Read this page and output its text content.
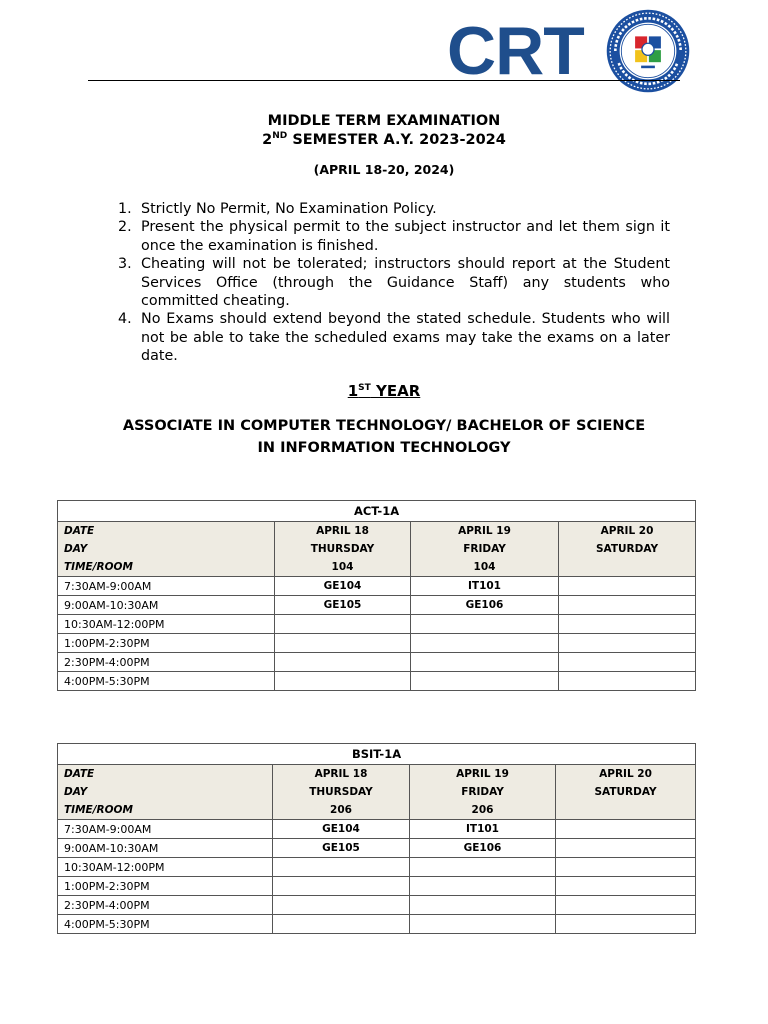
CRT
MIDDLE TERM EXAMINATION
2ND SEMESTER A.Y. 2023-2024
(APRIL 18-20, 2024)
1. Strictly No Permit, No Examination Policy.
2. Present the physical permit to the subject instructor and let them sign it once the examination is finished.
3. Cheating will not be tolerated; instructors should report at the Student Services Office (through the Guidance Staff) any students who committed cheating.
4. No Exams should extend beyond the stated schedule. Students who will not be able to take the scheduled exams may take the exams on a later date.
1ST YEAR
ASSOCIATE IN COMPUTER TECHNOLOGY/ BACHELOR OF SCIENCE
IN INFORMATION TECHNOLOGY
ACT-1A			
DATE	APRIL 18	APRIL 19	APRIL 20
DAY	THURSDAY	FRIDAY	SATURDAY
TIME/ROOM	104	104	
7:30AM-9:00AM	GE104	IT101	
9:00AM-10:30AM	GE105	GE106	
10:30AM-12:00PM			
1:00PM-2:30PM			
2:30PM-4:00PM			
4:00PM-5:30PM			
BSIT-1A			
DATE	APRIL 18	APRIL 19	APRIL 20
DAY	THURSDAY	FRIDAY	SATURDAY
TIME/ROOM	206	206	
7:30AM-9:00AM	GE104	IT101	
9:00AM-10:30AM	GE105	GE106	
10:30AM-12:00PM			
1:00PM-2:30PM			
2:30PM-4:00PM			
4:00PM-5:30PM			
